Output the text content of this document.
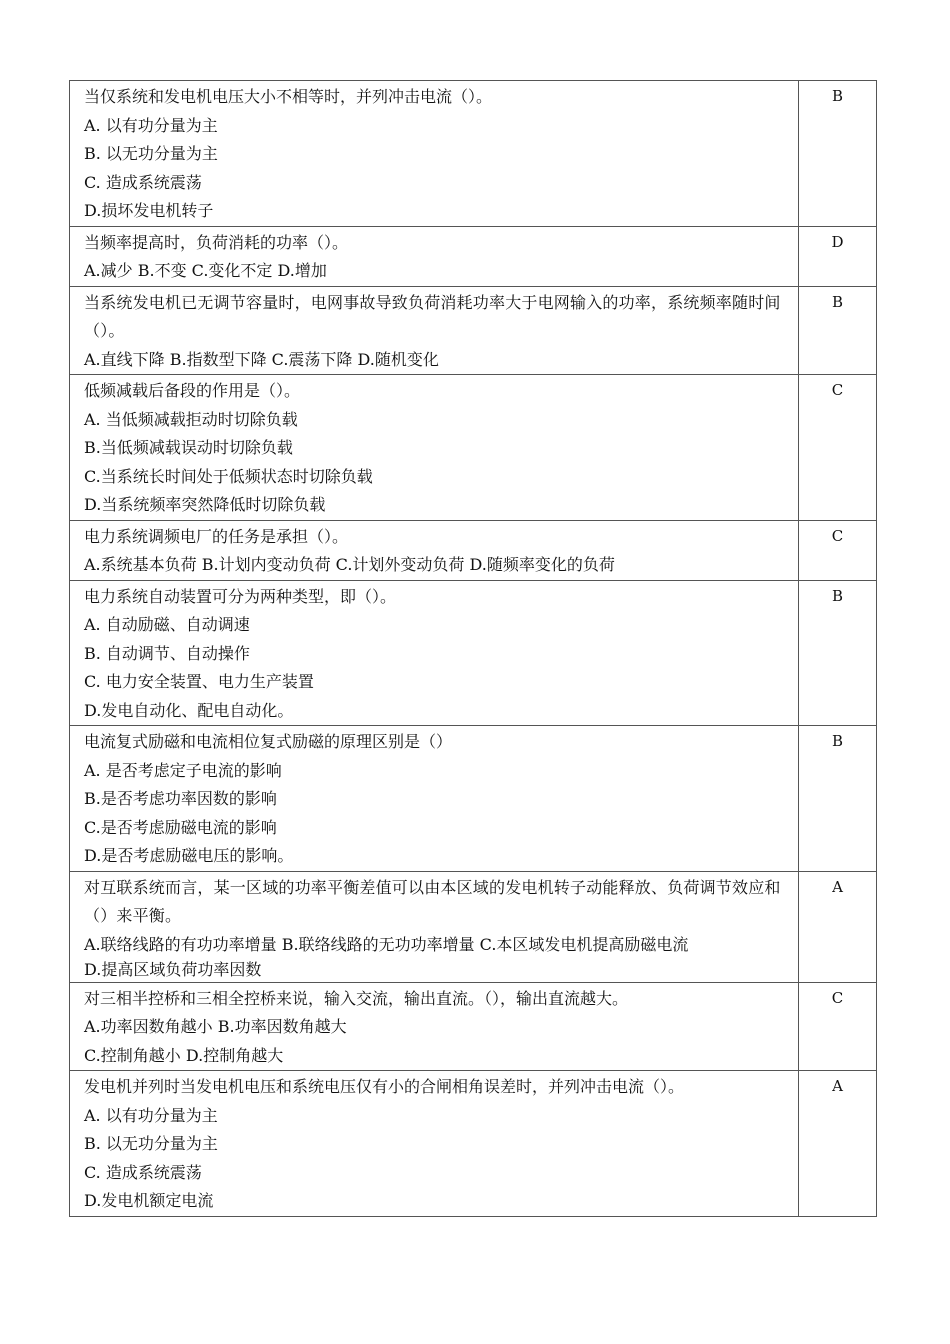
当仅系统和发电机电压大小不相等时，并列冲击电流（）。
A. 以有功分量为主
B. 以无功分量为主
C. 造成系统震荡
D.损坏发电机转子	B

当频率提高时，负荷消耗的功率（）。
A.减少 B.不变 C.变化不定 D.增加	D

当系统发电机已无调节容量时，电网事故导致负荷消耗功率大于电网输入的功率，系统频率随时间（）。
A.直线下降 B.指数型下降 C.震荡下降 D.随机变化	B

低频减载后备段的作用是（）。
A. 当低频减载拒动时切除负载
B.当低频减载误动时切除负载
C.当系统长时间处于低频状态时切除负载
D.当系统频率突然降低时切除负载	C

电力系统调频电厂的任务是承担（）。
A.系统基本负荷 B.计划内变动负荷 C.计划外变动负荷 D.随频率变化的负荷	C

电力系统自动装置可分为两种类型，即（）。
A. 自动励磁、自动调速
B. 自动调节、自动操作
C. 电力安全装置、电力生产装置
D.发电自动化、配电自动化。	B

电流复式励磁和电流相位复式励磁的原理区别是（）
A. 是否考虑定子电流的影响
B.是否考虑功率因数的影响
C.是否考虑励磁电流的影响
D.是否考虑励磁电压的影响。	B

对互联系统而言，某一区域的功率平衡差值可以由本区域的发电机转子动能释放、负荷调节效应和（）来平衡。
A.联络线路的有功功率增量 B.联络线路的无功功率增量 C.本区域发电机提高励磁电流
D.提高区域负荷功率因数	A

对三相半控桥和三相全控桥来说，输入交流，输出直流。（），输出直流越大。
A.功率因数角越小 B.功率因数角越大
C.控制角越小 D.控制角越大	C

发电机并列时当发电机电压和系统电压仅有小的合闸相角误差时，并列冲击电流（）。
A. 以有功分量为主
B. 以无功分量为主
C. 造成系统震荡
D.发电机额定电流	A
